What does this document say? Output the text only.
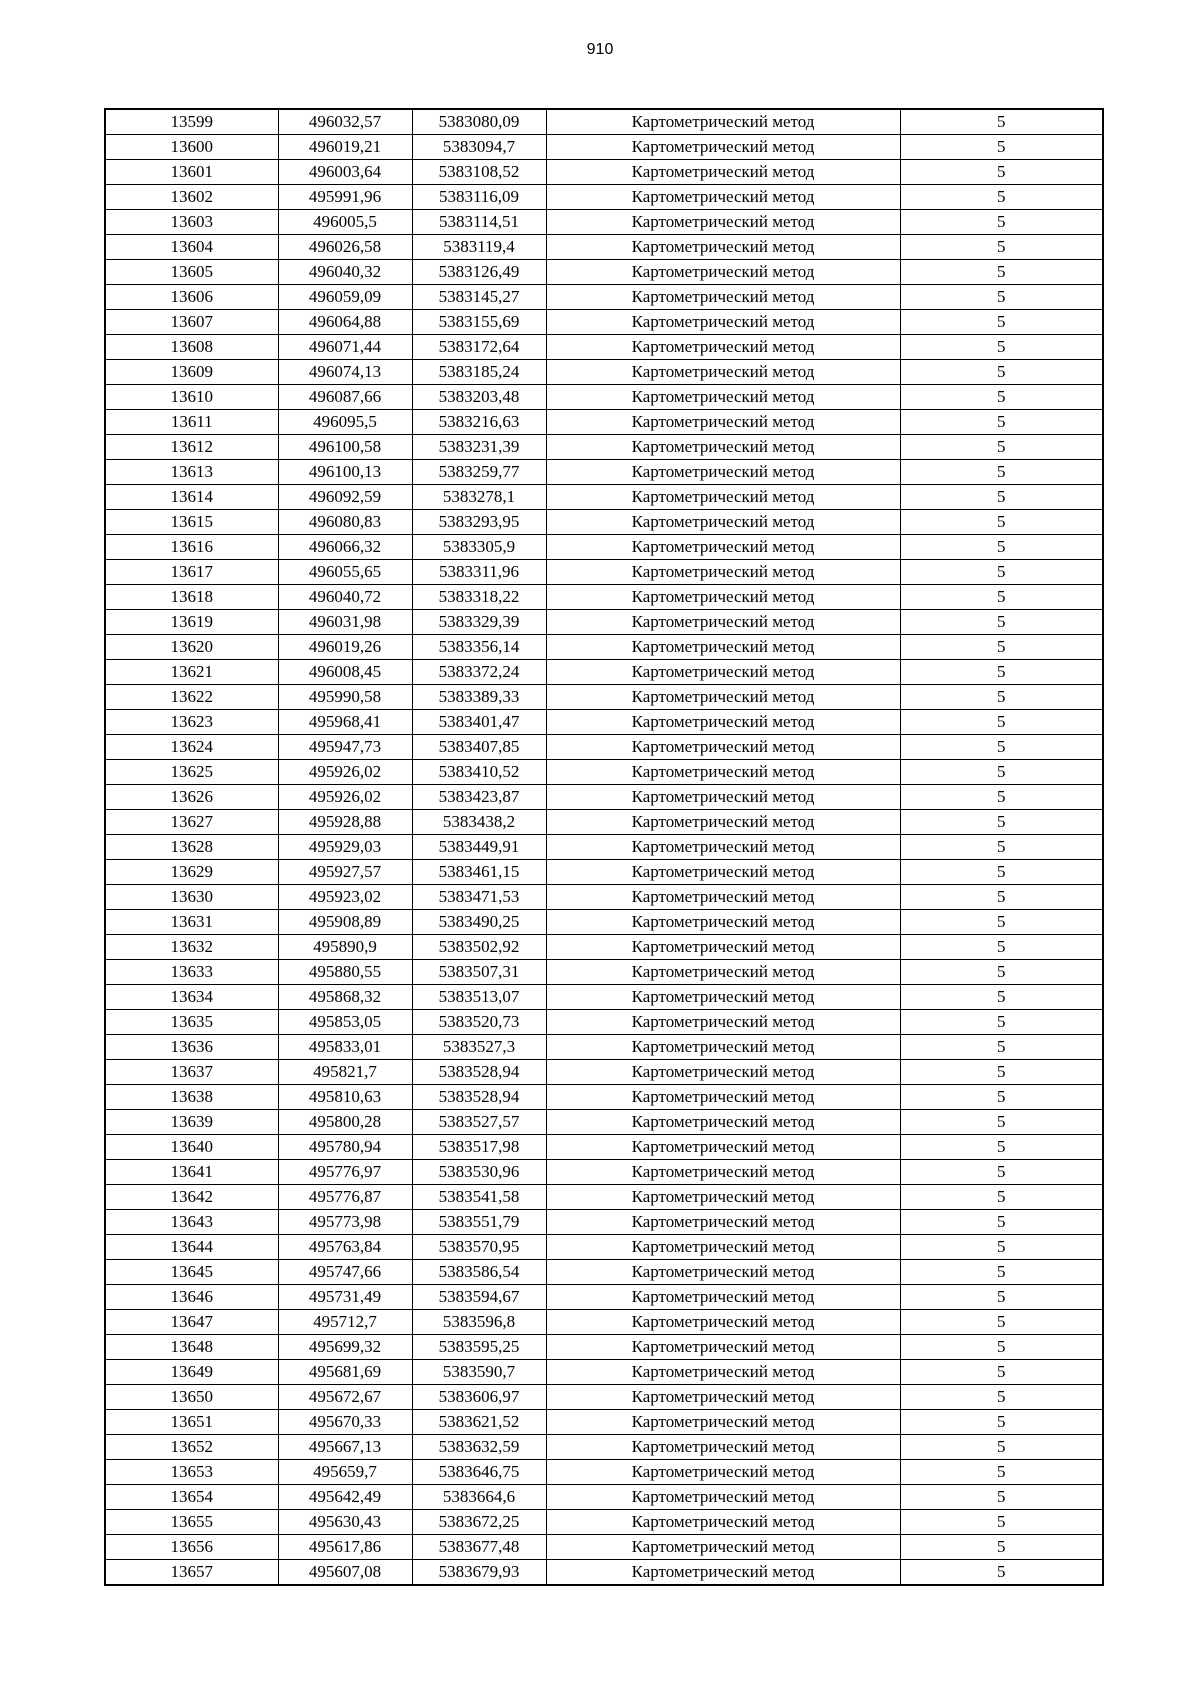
910
13599	496032,57	5383080,09	Картометрический метод	5
13600	496019,21	5383094,7	Картометрический метод	5
13601	496003,64	5383108,52	Картометрический метод	5
13602	495991,96	5383116,09	Картометрический метод	5
13603	496005,5	5383114,51	Картометрический метод	5
13604	496026,58	5383119,4	Картометрический метод	5
13605	496040,32	5383126,49	Картометрический метод	5
13606	496059,09	5383145,27	Картометрический метод	5
13607	496064,88	5383155,69	Картометрический метод	5
13608	496071,44	5383172,64	Картометрический метод	5
13609	496074,13	5383185,24	Картометрический метод	5
13610	496087,66	5383203,48	Картометрический метод	5
13611	496095,5	5383216,63	Картометрический метод	5
13612	496100,58	5383231,39	Картометрический метод	5
13613	496100,13	5383259,77	Картометрический метод	5
13614	496092,59	5383278,1	Картометрический метод	5
13615	496080,83	5383293,95	Картометрический метод	5
13616	496066,32	5383305,9	Картометрический метод	5
13617	496055,65	5383311,96	Картометрический метод	5
13618	496040,72	5383318,22	Картометрический метод	5
13619	496031,98	5383329,39	Картометрический метод	5
13620	496019,26	5383356,14	Картометрический метод	5
13621	496008,45	5383372,24	Картометрический метод	5
13622	495990,58	5383389,33	Картометрический метод	5
13623	495968,41	5383401,47	Картометрический метод	5
13624	495947,73	5383407,85	Картометрический метод	5
13625	495926,02	5383410,52	Картометрический метод	5
13626	495926,02	5383423,87	Картометрический метод	5
13627	495928,88	5383438,2	Картометрический метод	5
13628	495929,03	5383449,91	Картометрический метод	5
13629	495927,57	5383461,15	Картометрический метод	5
13630	495923,02	5383471,53	Картометрический метод	5
13631	495908,89	5383490,25	Картометрический метод	5
13632	495890,9	5383502,92	Картометрический метод	5
13633	495880,55	5383507,31	Картометрический метод	5
13634	495868,32	5383513,07	Картометрический метод	5
13635	495853,05	5383520,73	Картометрический метод	5
13636	495833,01	5383527,3	Картометрический метод	5
13637	495821,7	5383528,94	Картометрический метод	5
13638	495810,63	5383528,94	Картометрический метод	5
13639	495800,28	5383527,57	Картометрический метод	5
13640	495780,94	5383517,98	Картометрический метод	5
13641	495776,97	5383530,96	Картометрический метод	5
13642	495776,87	5383541,58	Картометрический метод	5
13643	495773,98	5383551,79	Картометрический метод	5
13644	495763,84	5383570,95	Картометрический метод	5
13645	495747,66	5383586,54	Картометрический метод	5
13646	495731,49	5383594,67	Картометрический метод	5
13647	495712,7	5383596,8	Картометрический метод	5
13648	495699,32	5383595,25	Картометрический метод	5
13649	495681,69	5383590,7	Картометрический метод	5
13650	495672,67	5383606,97	Картометрический метод	5
13651	495670,33	5383621,52	Картометрический метод	5
13652	495667,13	5383632,59	Картометрический метод	5
13653	495659,7	5383646,75	Картометрический метод	5
13654	495642,49	5383664,6	Картометрический метод	5
13655	495630,43	5383672,25	Картометрический метод	5
13656	495617,86	5383677,48	Картометрический метод	5
13657	495607,08	5383679,93	Картометрический метод	5
